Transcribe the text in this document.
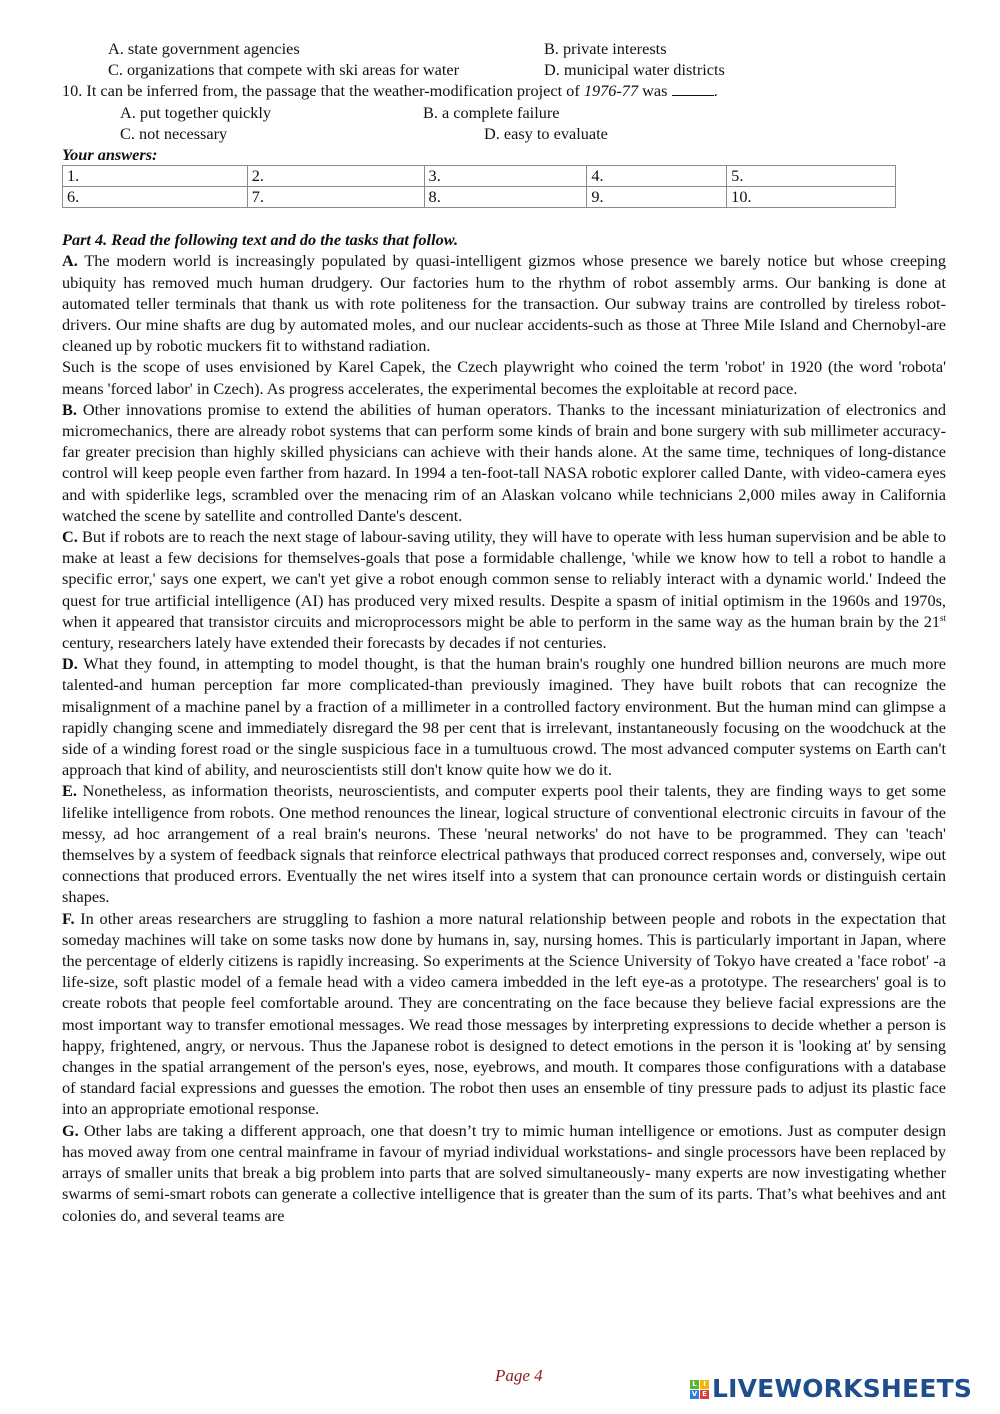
A. state government agencies	B. private interests
C. organizations that compete with ski areas for water	D. municipal water districts
10. It can be inferred from, the passage that the weather-modification project of 1976-77 was	.
A. put together quickly	B. a complete failure
C. not necessary	D. easy to evaluate
Your answers:
1.	2.	3.	4.	5.
6.	7.	8.	9.	10.
Part 4. Read the following text and do the tasks that follow.

A. The modern world is increasingly populated by quasi-intelligent gizmos whose presence we barely notice but whose creeping ubiquity has removed much human drudgery. Our factories hum to the rhythm of robot assembly arms. Our banking is done at automated teller terminals that thank us with rote politeness for the transaction. Our subway trains are controlled by tireless robot-drivers. Our mine shafts are dug by automated moles, and our nuclear accidents-such as those at Three Mile Island and Chernobyl-are cleaned up by robotic muckers fit to withstand radiation.

Such is the scope of uses envisioned by Karel Capek, the Czech playwright who coined the term 'robot' in 1920 (the word 'robota' means 'forced labor' in Czech). As progress accelerates, the experimental becomes the exploitable at record pace.

B. Other innovations promise to extend the abilities of human operators. Thanks to the incessant miniaturization of electronics and micromechanics, there are already robot systems that can perform some kinds of brain and bone surgery with sub millimeter accuracy-far greater precision than highly skilled physicians can achieve with their hands alone. At the same time, techniques of long-distance control will keep people even farther from hazard. In 1994 a ten-foot-tall NASA robotic explorer called Dante, with video-camera eyes and with spiderlike legs, scrambled over the menacing rim of an Alaskan volcano while technicians 2,000 miles away in California watched the scene by satellite and controlled Dante's descent.

C. But if robots are to reach the next stage of labour-saving utility, they will have to operate with less human supervision and be able to make at least a few decisions for themselves-goals that pose a formidable challenge, 'while we know how to tell a robot to handle a specific error,' says one expert, we can't yet give a robot enough common sense to reliably interact with a dynamic world.' Indeed the quest for true artificial intelligence (AI) has produced very mixed results. Despite a spasm of initial optimism in the 1960s and 1970s, when it appeared that transistor circuits and microprocessors might be able to perform in the same way as the human brain by the 21st century, researchers lately have extended their forecasts by decades if not centuries.

D. What they found, in attempting to model thought, is that the human brain's roughly one hundred billion neurons are much more talented-and human perception far more complicated-than previously imagined. They have built robots that can recognize the misalignment of a machine panel by a fraction of a millimeter in a controlled factory environment. But the human mind can glimpse a rapidly changing scene and immediately disregard the 98 per cent that is irrelevant, instantaneously focusing on the woodchuck at the side of a winding forest road or the single suspicious face in a tumultuous crowd. The most advanced computer systems on Earth can't approach that kind of ability, and neuroscientists still don't know quite how we do it.

E. Nonetheless, as information theorists, neuroscientists, and computer experts pool their talents, they are finding ways to get some lifelike intelligence from robots. One method renounces the linear, logical structure of conventional electronic circuits in favour of the messy, ad hoc arrangement of a real brain's neurons. These 'neural networks' do not have to be programmed. They can 'teach' themselves by a system of feedback signals that reinforce electrical pathways that produced correct responses and, conversely, wipe out connections that produced errors. Eventually the net wires itself into a system that can pronounce certain words or distinguish certain shapes.

F. In other areas researchers are struggling to fashion a more natural relationship between people and robots in the expectation that someday machines will take on some tasks now done by humans in, say, nursing homes. This is particularly important in Japan, where the percentage of elderly citizens is rapidly increasing. So experiments at the Science University of Tokyo have created a 'face robot' -a life-size, soft plastic model of a female head with a video camera imbedded in the left eye-as a prototype. The researchers' goal is to create robots that people feel comfortable around. They are concentrating on the face because they believe facial expressions are the most important way to transfer emotional messages. We read those messages by interpreting expressions to decide whether a person is happy, frightened, angry, or nervous. Thus the Japanese robot is designed to detect emotions in the person it is 'looking at' by sensing changes in the spatial arrangement of the person's eyes, nose, eyebrows, and mouth. It compares those configurations with a database of standard facial expressions and guesses the emotion. The robot then uses an ensemble of tiny pressure pads to adjust its plastic face into an appropriate emotional response.

G. Other labs are taking a different approach, one that doesn’t try to mimic human intelligence or emotions. Just as computer design has moved away from one central mainframe in favour of myriad individual workstations- and single processors have been replaced by arrays of smaller units that break a big problem into parts that are solved simultaneously- many experts are now investigating whether swarms of semi-smart robots can generate a collective intelligence that is greater than the sum of its parts. That’s what beehives and ant colonies do, and several teams are

Page 4	L I
V E LIVEWORKSHEETS
